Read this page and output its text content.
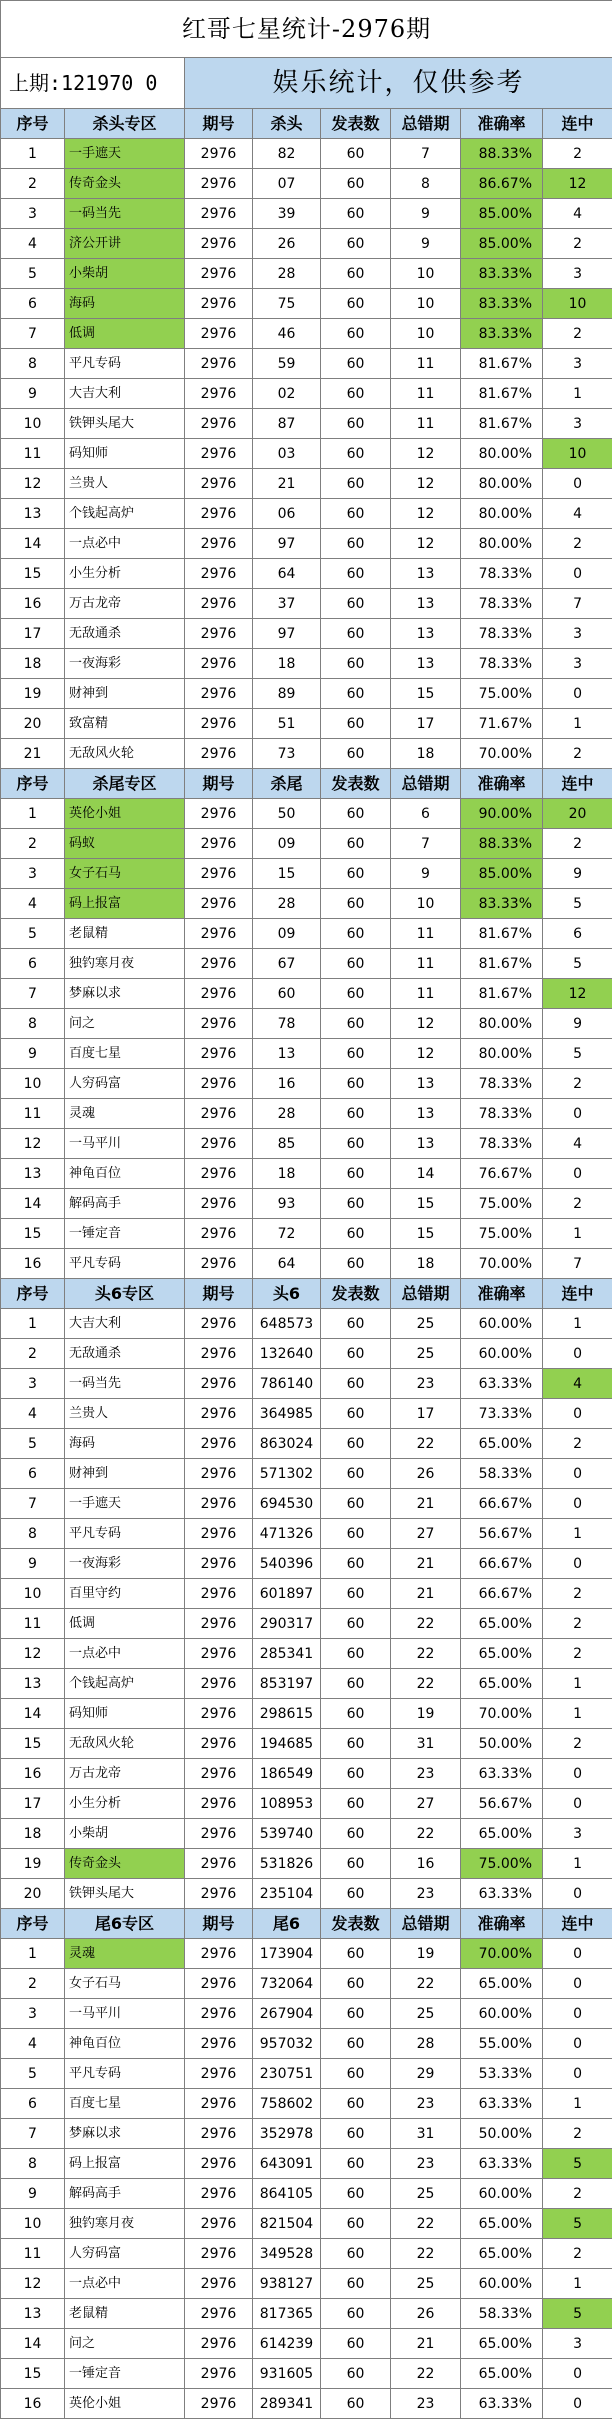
红哥七星统计-2976期							
上期:121970 0		娱乐统计，仅供参考					
序号	杀头专区	期号	杀头	发表数	总错期	准确率	连中
1	一手遮天	2976	82	60	7	88.33%	2
2	传奇金头	2976	07	60	8	86.67%	12
3	一码当先	2976	39	60	9	85.00%	4
4	济公开讲	2976	26	60	9	85.00%	2
5	小柴胡	2976	28	60	10	83.33%	3
6	海码	2976	75	60	10	83.33%	10
7	低调	2976	46	60	10	83.33%	2
8	平凡专码	2976	59	60	11	81.67%	3
9	大吉大利	2976	02	60	11	81.67%	1
10	铁钾头尾大	2976	87	60	11	81.67%	3
11	码知师	2976	03	60	12	80.00%	10
12	兰贵人	2976	21	60	12	80.00%	0
13	个钱起高炉	2976	06	60	12	80.00%	4
14	一点必中	2976	97	60	12	80.00%	2
15	小生分析	2976	64	60	13	78.33%	0
16	万古龙帝	2976	37	60	13	78.33%	7
17	无敌通杀	2976	97	60	13	78.33%	3
18	一夜海彩	2976	18	60	13	78.33%	3
19	财神到	2976	89	60	15	75.00%	0
20	致富精	2976	51	60	17	71.67%	1
21	无敌风火轮	2976	73	60	18	70.00%	2
序号	杀尾专区	期号	杀尾	发表数	总错期	准确率	连中
1	英伦小姐	2976	50	60	6	90.00%	20
2	码蚁	2976	09	60	7	88.33%	2
3	女子石马	2976	15	60	9	85.00%	9
4	码上报富	2976	28	60	10	83.33%	5
5	老鼠精	2976	09	60	11	81.67%	6
6	独钓寒月夜	2976	67	60	11	81.67%	5
7	梦麻以求	2976	60	60	11	81.67%	12
8	问之	2976	78	60	12	80.00%	9
9	百度七星	2976	13	60	12	80.00%	5
10	人穷码富	2976	16	60	13	78.33%	2
11	灵魂	2976	28	60	13	78.33%	0
12	一马平川	2976	85	60	13	78.33%	4
13	神龟百位	2976	18	60	14	76.67%	0
14	解码高手	2976	93	60	15	75.00%	2
15	一锤定音	2976	72	60	15	75.00%	1
16	平凡专码	2976	64	60	18	70.00%	7
序号	头6专区	期号	头6	发表数	总错期	准确率	连中
1	大吉大利	2976	648573	60	25	60.00%	1
2	无敌通杀	2976	132640	60	25	60.00%	0
3	一码当先	2976	786140	60	23	63.33%	4
4	兰贵人	2976	364985	60	17	73.33%	0
5	海码	2976	863024	60	22	65.00%	2
6	财神到	2976	571302	60	26	58.33%	0
7	一手遮天	2976	694530	60	21	66.67%	0
8	平凡专码	2976	471326	60	27	56.67%	1
9	一夜海彩	2976	540396	60	21	66.67%	0
10	百里守约	2976	601897	60	21	66.67%	2
11	低调	2976	290317	60	22	65.00%	2
12	一点必中	2976	285341	60	22	65.00%	2
13	个钱起高炉	2976	853197	60	22	65.00%	1
14	码知师	2976	298615	60	19	70.00%	1
15	无敌风火轮	2976	194685	60	31	50.00%	2
16	万古龙帝	2976	186549	60	23	63.33%	0
17	小生分析	2976	108953	60	27	56.67%	0
18	小柴胡	2976	539740	60	22	65.00%	3
19	传奇金头	2976	531826	60	16	75.00%	1
20	铁钾头尾大	2976	235104	60	23	63.33%	0
序号	尾6专区	期号	尾6	发表数	总错期	准确率	连中
1	灵魂	2976	173904	60	19	70.00%	0
2	女子石马	2976	732064	60	22	65.00%	0
3	一马平川	2976	267904	60	25	60.00%	0
4	神龟百位	2976	957032	60	28	55.00%	0
5	平凡专码	2976	230751	60	29	53.33%	0
6	百度七星	2976	758602	60	23	63.33%	1
7	梦麻以求	2976	352978	60	31	50.00%	2
8	码上报富	2976	643091	60	23	63.33%	5
9	解码高手	2976	864105	60	25	60.00%	2
10	独钓寒月夜	2976	821504	60	22	65.00%	5
11	人穷码富	2976	349528	60	22	65.00%	2
12	一点必中	2976	938127	60	25	60.00%	1
13	老鼠精	2976	817365	60	26	58.33%	5
14	问之	2976	614239	60	21	65.00%	3
15	一锤定音	2976	931605	60	22	65.00%	0
16	英伦小姐	2976	289341	60	23	63.33%	0
